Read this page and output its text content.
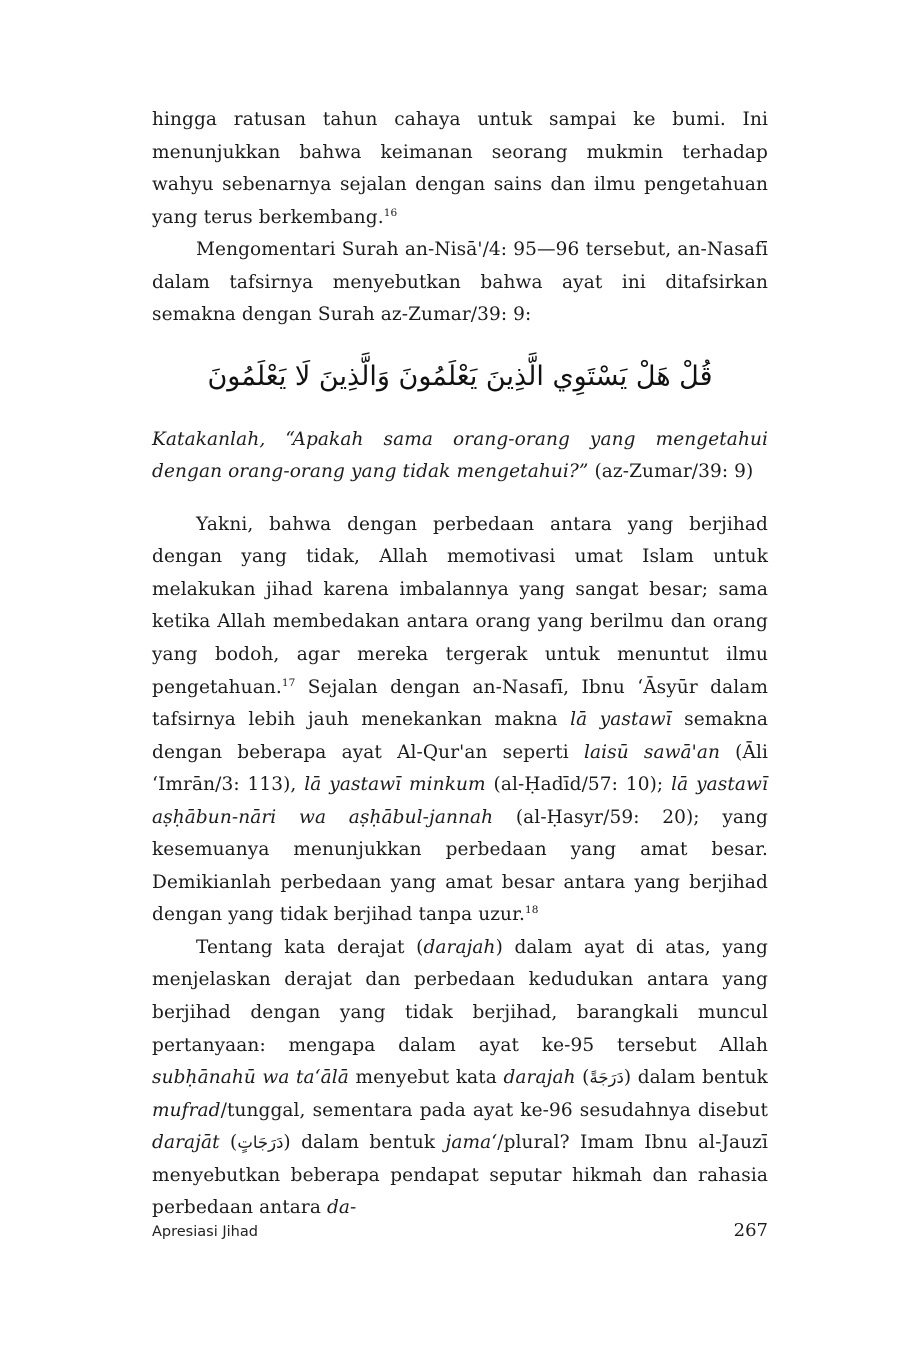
hingga ratusan tahun cahaya untuk sampai ke bumi. Ini menunjukkan bahwa keimanan seorang mukmin terhadap wahyu sebenarnya sejalan dengan sains dan ilmu pengetahuan yang terus berkembang.$^{16}$

Mengomentari Surah an-Nisā'/4: 95—96 tersebut, an-Nasafī dalam tafsirnya menyebutkan bahwa ayat ini ditafsirkan semakna dengan Surah az-Zumar/39: 9:

قُلْ هَلْ يَسْتَوِي الَّذِينَ يَعْلَمُونَ وَالَّذِينَ لَا يَعْلَمُونَ

Katakanlah, “Apakah sama orang-orang yang mengetahui dengan orang-orang yang tidak mengetahui?” (az-Zumar/39: 9)

Yakni, bahwa dengan perbedaan antara yang berjihad dengan yang tidak, Allah memotivasi umat Islam untuk melakukan jihad karena imbalannya yang sangat besar; sama ketika Allah membedakan antara orang yang berilmu dan orang yang bodoh, agar mereka tergerak untuk menuntut ilmu pengetahuan.$^{17}$ Sejalan dengan an-Nasafī, Ibnu ‘Āsyūr dalam tafsirnya lebih jauh menekankan makna lā yastawī semakna dengan beberapa ayat Al-Qur'an seperti laisū sawā'an (Āli ‘Imrān/3: 113), lā yastawī minkum (al-Ḥadīd/57: 10); lā yastawī aṣḥābun-nāri wa aṣḥābul-jannah (al-Ḥasyr/59: 20); yang kesemuanya menunjukkan perbedaan yang amat besar. Demikianlah perbedaan yang amat besar antara yang berjihad dengan yang tidak berjihad tanpa uzur.$^{18}$

Tentang kata derajat (darajah) dalam ayat di atas, yang menjelaskan derajat dan perbedaan kedudukan antara yang berjihad dengan yang tidak berjihad, barangkali muncul pertanyaan: mengapa dalam ayat ke-95 tersebut Allah subḥānahū wa ta‘ālā menyebut kata darajah (دَرَجَةً) dalam bentuk mufrad/tunggal, sementara pada ayat ke-96 sesudahnya disebut darajāt (دَرَجَاتٍ) dalam bentuk jama‘/plural? Imam Ibnu al-Jauzī menyebutkan beberapa pendapat seputar hikmah dan rahasia perbedaan antara da-

Apresiasi Jihad	267
